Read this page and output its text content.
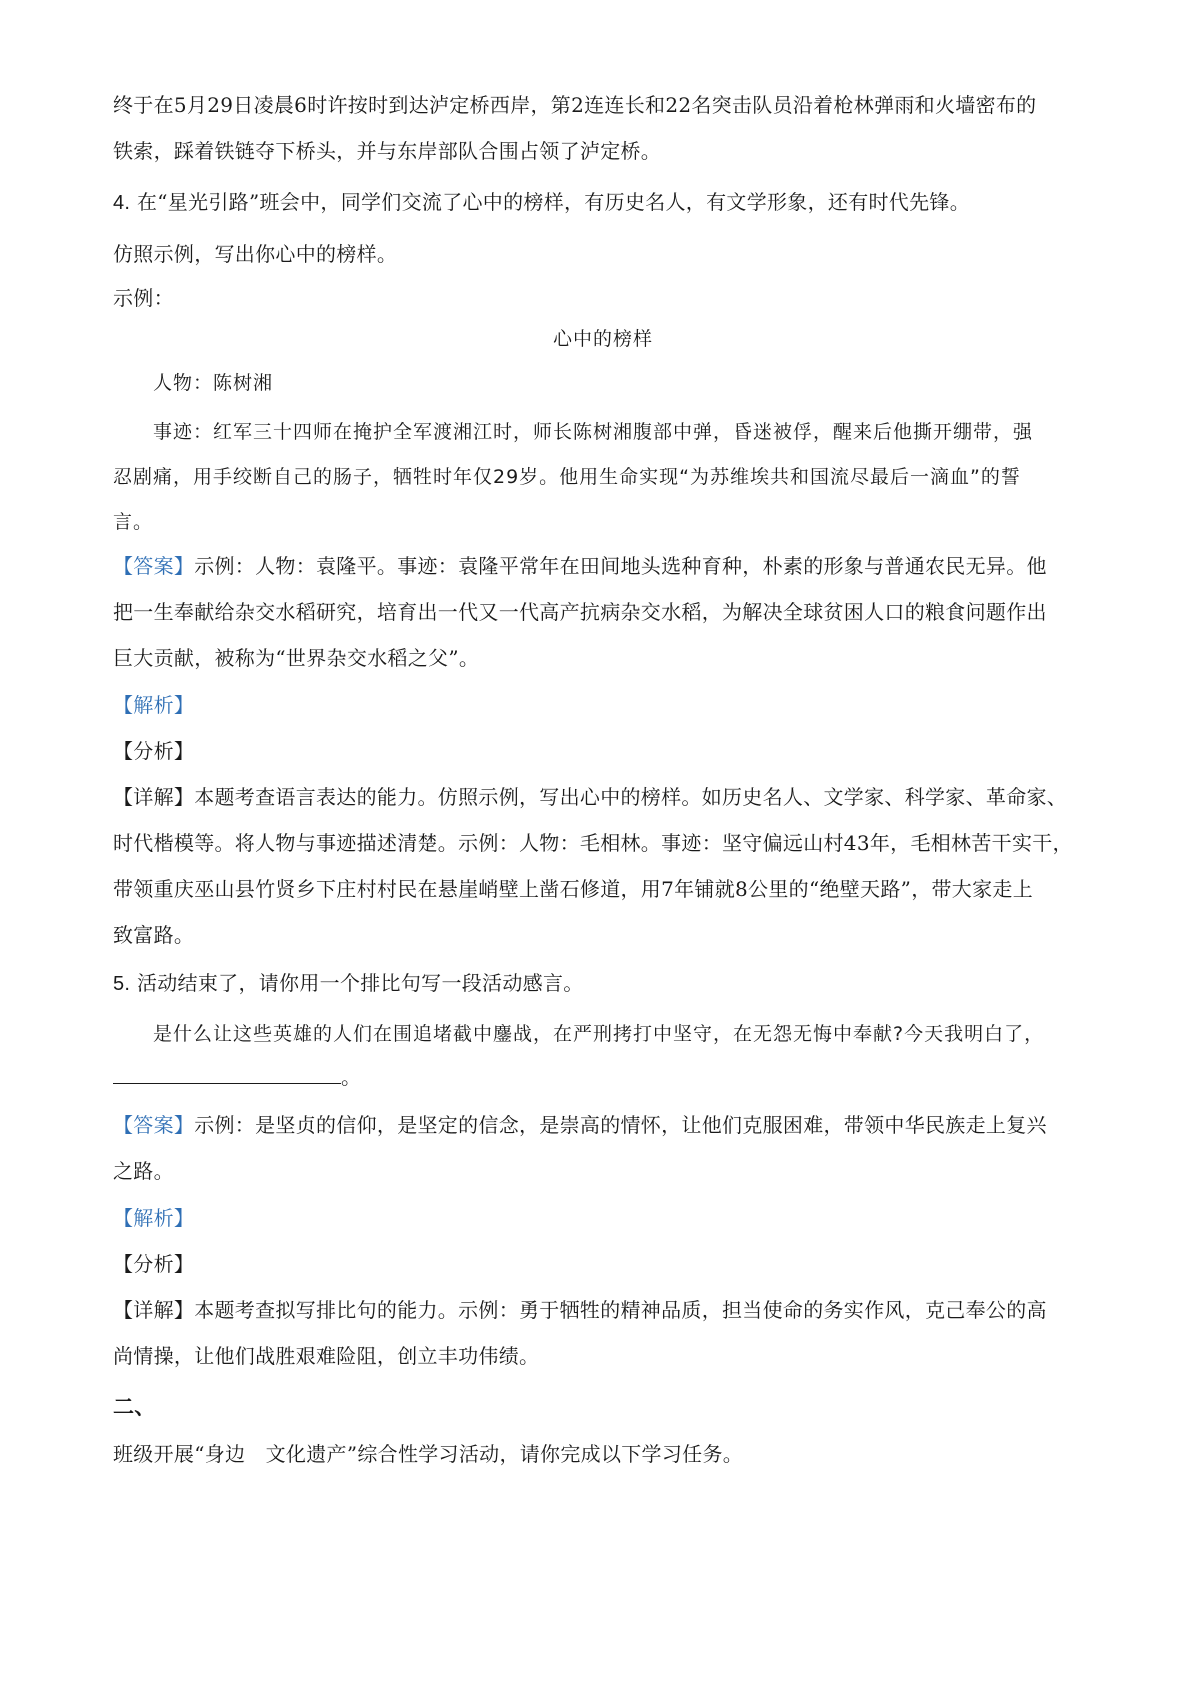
终于在5月29日凌晨6时许按时到达泸定桥西岸，第2连连长和22名突击队员沿着枪林弹雨和火墙密布的

铁索，踩着铁链夺下桥头，并与东岸部队合围占领了泸定桥。

4. 在“星光引路”班会中，同学们交流了心中的榜样，有历史名人，有文学形象，还有时代先锋。

仿照示例，写出你心中的榜样。

示例：

心中的榜样

人物：陈树湘

事迹：红军三十四师在掩护全军渡湘江时，师长陈树湘腹部中弹，昏迷被俘，醒来后他撕开绷带，强

忍剧痛，用手绞断自己的肠子，牺牲时年仅29岁。他用生命实现“为苏维埃共和国流尽最后一滴血”的誓

言。

【答案】示例：人物：袁隆平。事迹：袁隆平常年在田间地头选种育种，朴素的形象与普通农民无异。他

把一生奉献给杂交水稻研究，培育出一代又一代高产抗病杂交水稻，为解决全球贫困人口的粮食问题作出

巨大贡献，被称为“世界杂交水稻之父”。

【解析】

【分析】

【详解】本题考查语言表达的能力。仿照示例，写出心中的榜样。如历史名人、文学家、科学家、革命家、

时代楷模等。将人物与事迹描述清楚。示例：人物：毛相林。事迹：坚守偏远山村43年，毛相林苦干实干，

带领重庆巫山县竹贤乡下庄村村民在悬崖峭壁上凿石修道，用7年铺就8公里的“绝壁天路”，带大家走上

致富路。

5. 活动结束了，请你用一个排比句写一段活动感言。

是什么让这些英雄的人们在围追堵截中鏖战，在严刑拷打中坚守，在无怨无悔中奉献?今天我明白了，

。

【答案】示例：是坚贞的信仰，是坚定的信念，是崇高的情怀，让他们克服困难，带领中华民族走上复兴

之路。

【解析】

【分析】

【详解】本题考查拟写排比句的能力。示例：勇于牺牲的精神品质，担当使命的务实作风，克己奉公的高

尚情操，让他们战胜艰难险阻，创立丰功伟绩。

二、

班级开展“身边　文化遗产”综合性学习活动，请你完成以下学习任务。
